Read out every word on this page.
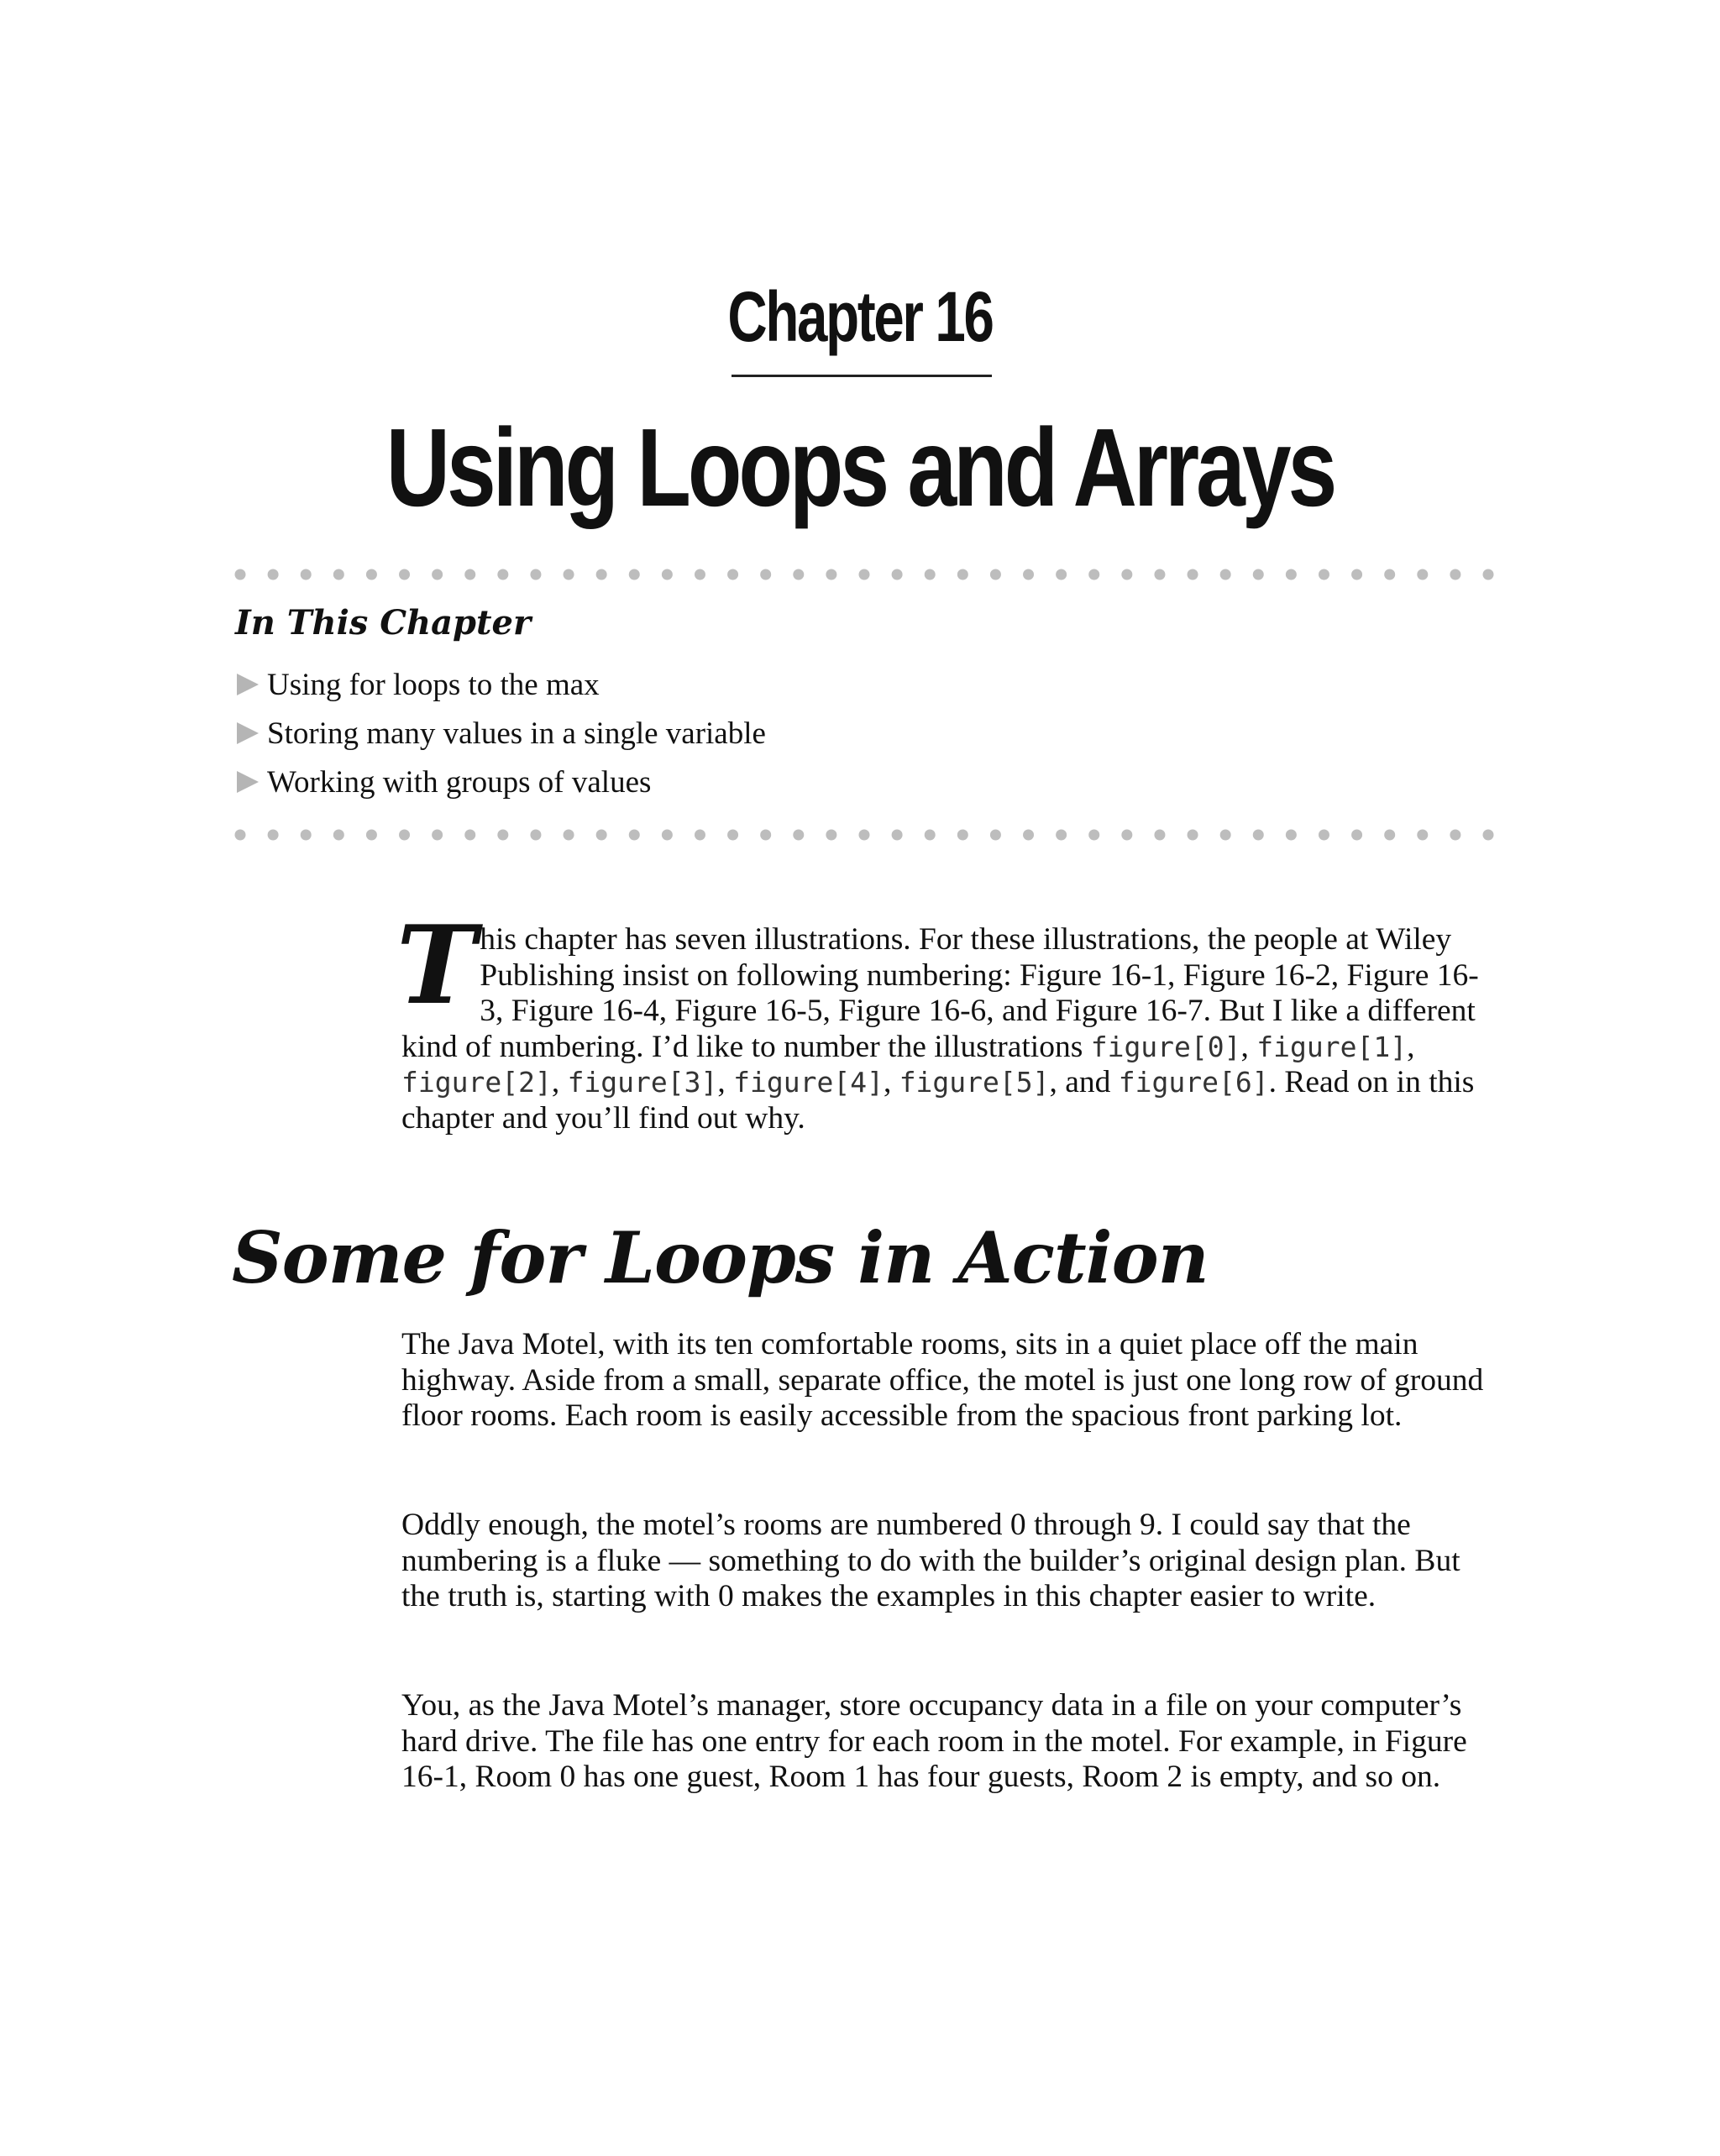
Chapter 16
Using Loops and Arrays
In This Chapter
Using for loops to the max
Storing many values in a single variable
Working with groups of values
This chapter has seven illustrations. For these illustrations, the people at Wiley Publishing insist on following numbering: Figure 16-1, Figure 16-2, Figure 16-3, Figure 16-4, Figure 16-5, Figure 16-6, and Figure 16-7. But I like a different kind of numbering. I’d like to number the illustrations figure[0], figure[1], figure[2], figure[3], figure[4], figure[5], and figure[6]. Read on in this chapter and you’ll find out why.
Some for Loops in Action
The Java Motel, with its ten comfortable rooms, sits in a quiet place off the main highway. Aside from a small, separate office, the motel is just one long row of ground floor rooms. Each room is easily accessible from the spacious front parking lot.
Oddly enough, the motel’s rooms are numbered 0 through 9. I could say that the numbering is a fluke — something to do with the builder’s original design plan. But the truth is, starting with 0 makes the examples in this chapter easier to write.
You, as the Java Motel’s manager, store occupancy data in a file on your computer’s hard drive. The file has one entry for each room in the motel. For example, in Figure 16-1, Room 0 has one guest, Room 1 has four guests, Room 2 is empty, and so on.
